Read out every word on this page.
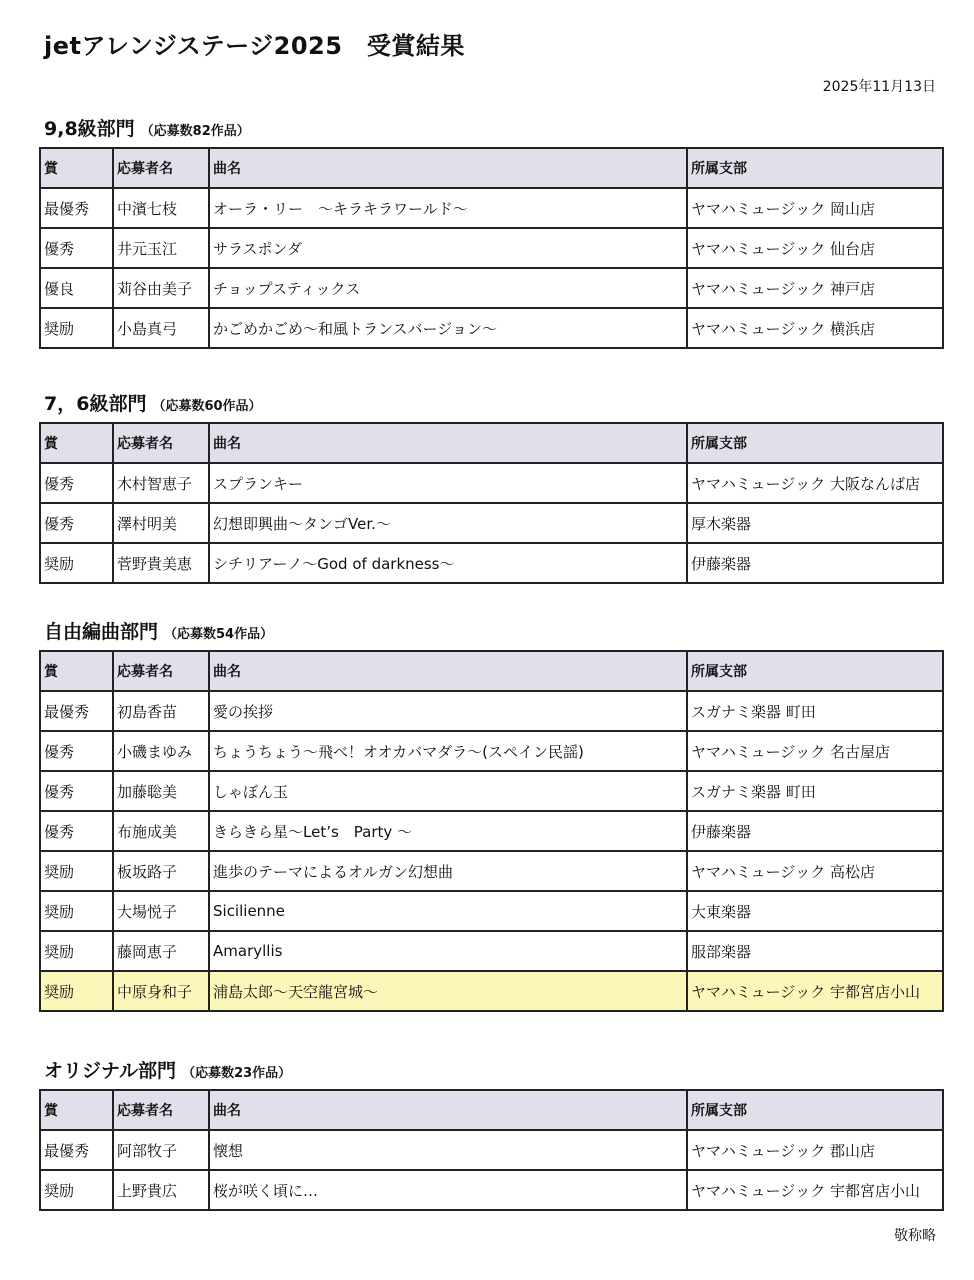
jetアレンジステージ2025　受賞結果
2025年11月13日
9,8級部門 （応募数82作品）
賞	応募者名	曲名	所属支部
最優秀	中濱七枝	オーラ・リー　～キラキラワールド～	ヤマハミュージック 岡山店
優秀	井元玉江	サラスポンダ	ヤマハミュージック 仙台店
優良	苅谷由美子	チョップスティックス	ヤマハミュージック 神戸店
奨励	小島真弓	かごめかごめ～和風トランスバージョン～	ヤマハミュージック 横浜店
7，6級部門 （応募数60作品）
賞	応募者名	曲名	所属支部
優秀	木村智恵子	スプランキー	ヤマハミュージック 大阪なんば店
優秀	澤村明美	幻想即興曲～タンゴVer.～	厚木楽器
奨励	菅野貴美恵	シチリアーノ～God of darkness～	伊藤楽器
自由編曲部門 （応募数54作品）
賞	応募者名	曲名	所属支部
最優秀	初島香苗	愛の挨拶	スガナミ楽器 町田
優秀	小磯まゆみ	ちょうちょう～飛べ！オオカバマダラ～(スペイン民謡)	ヤマハミュージック 名古屋店
優秀	加藤聡美	しゃぼん玉	スガナミ楽器 町田
優秀	布施成美	きらきら星～Let’s　Party ～	伊藤楽器
奨励	板坂路子	進歩のテーマによるオルガン幻想曲	ヤマハミュージック 高松店
奨励	大場悦子	Sicilienne	大東楽器
奨励	藤岡恵子	Amaryllis	服部楽器
奨励	中原身和子	浦島太郎～天空龍宮城～	ヤマハミュージック 宇都宮店小山
オリジナル部門 （応募数23作品）
賞	応募者名	曲名	所属支部
最優秀	阿部牧子	懐想	ヤマハミュージック 郡山店
奨励	上野貴広	桜が咲く頃に…	ヤマハミュージック 宇都宮店小山
敬称略
